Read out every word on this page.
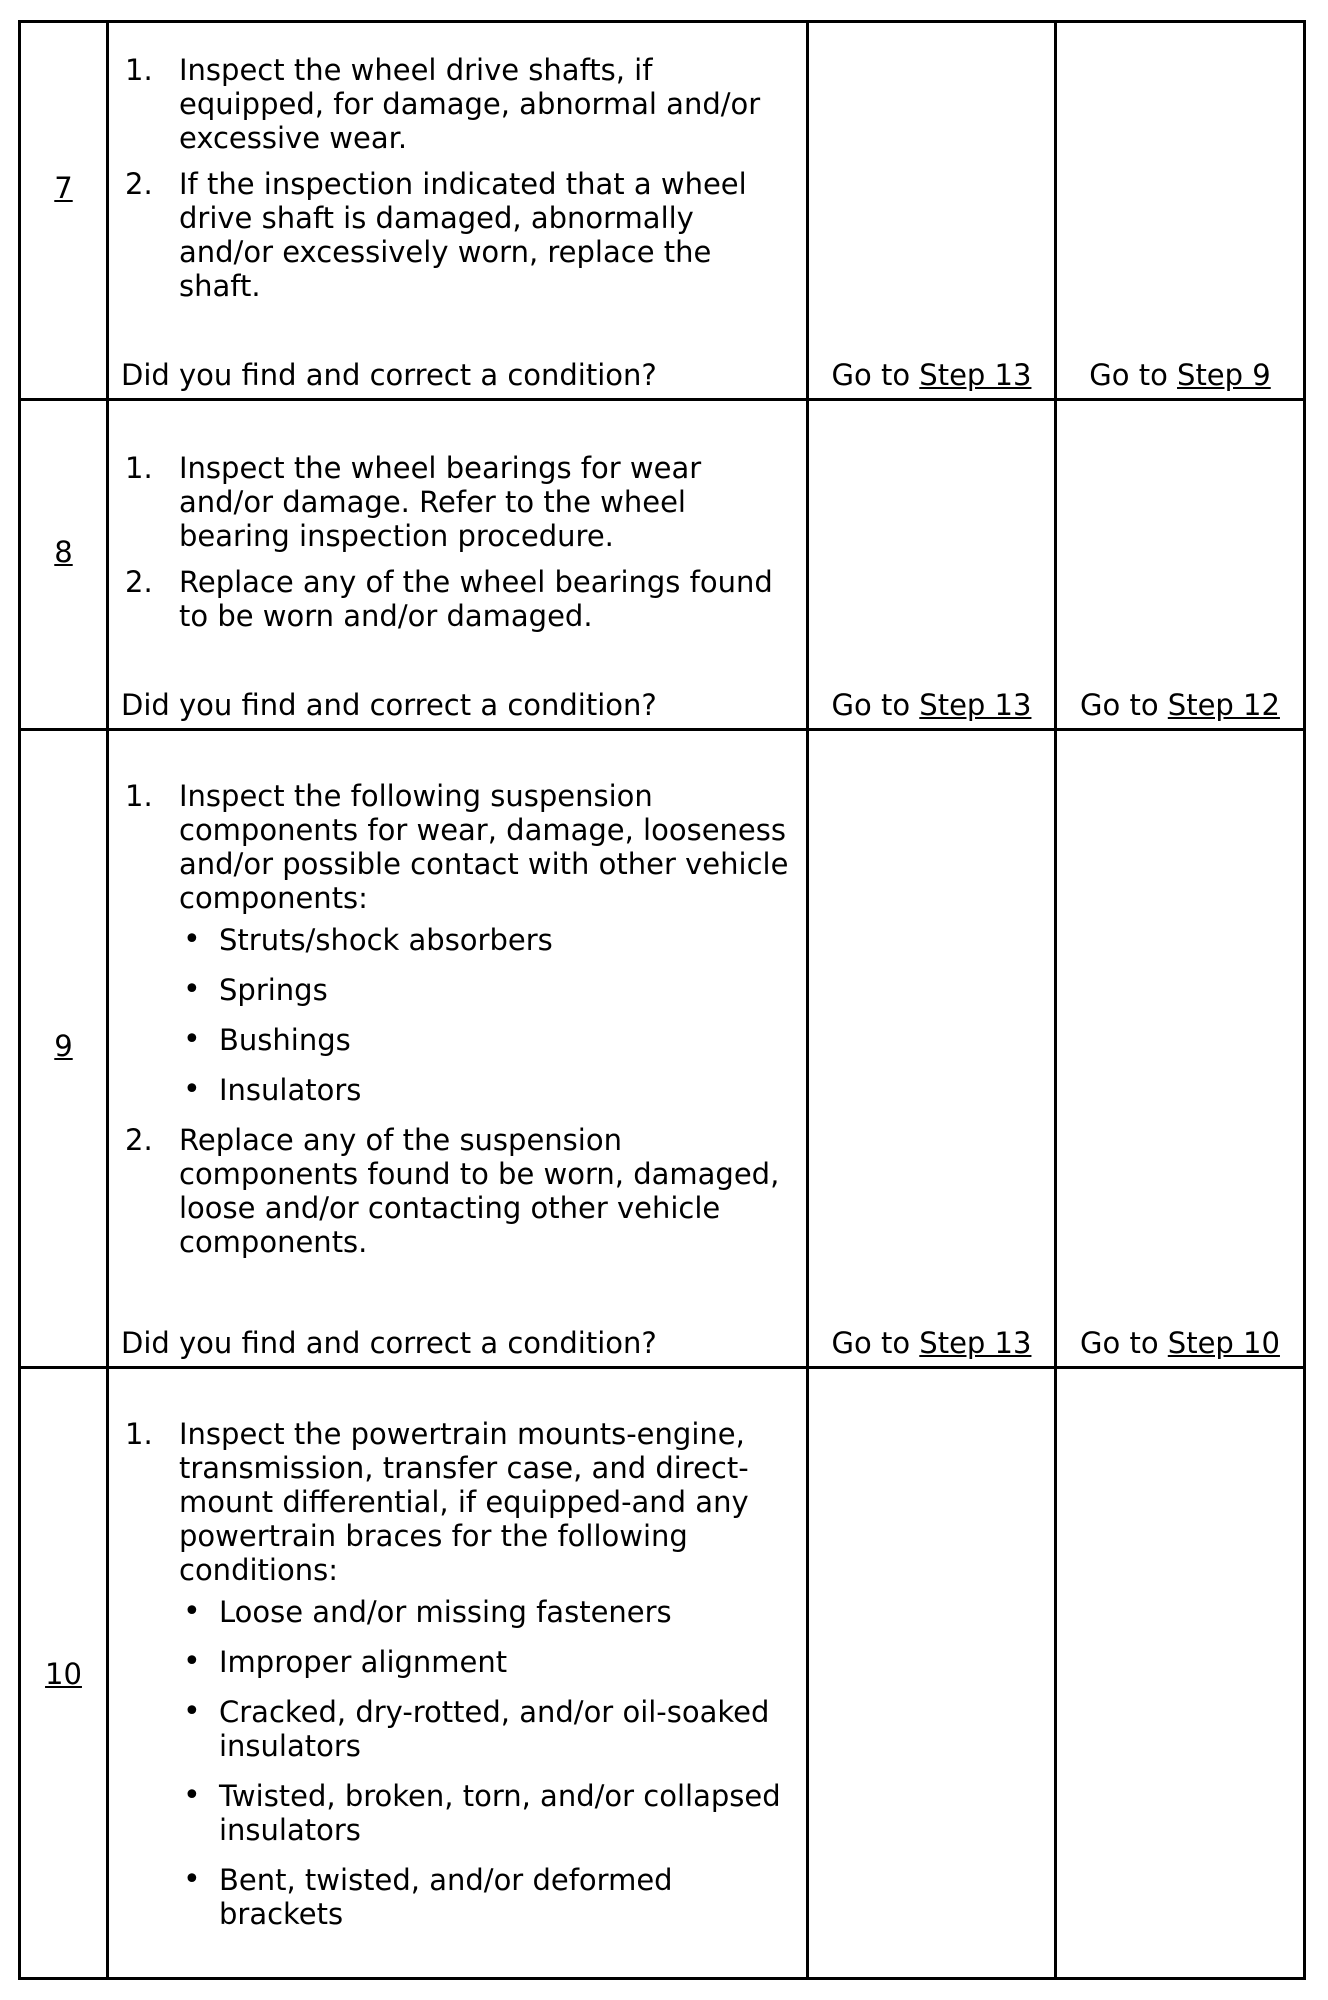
7
1. Inspect the wheel drive shafts, if equipped, for damage, abnormal and/or excessive wear.
2. If the inspection indicated that a wheel drive shaft is damaged, abnormally and/or excessively worn, replace the shaft.
Did you find and correct a condition?	Go to Step 13	Go to Step 9
8
1. Inspect the wheel bearings for wear and/or damage. Refer to the wheel bearing inspection procedure.
2. Replace any of the wheel bearings found to be worn and/or damaged.
Did you find and correct a condition?	Go to Step 13	Go to Step 12
9
1. Inspect the following suspension components for wear, damage, looseness and/or possible contact with other vehicle components:
• Struts/shock absorbers
• Springs
• Bushings
• Insulators
2. Replace any of the suspension components found to be worn, damaged, loose and/or contacting other vehicle components.
Did you find and correct a condition?	Go to Step 13	Go to Step 10
10
1. Inspect the powertrain mounts-engine, transmission, transfer case, and direct-mount differential, if equipped-and any powertrain braces for the following conditions:
• Loose and/or missing fasteners
• Improper alignment
• Cracked, dry-rotted, and/or oil-soaked insulators
• Twisted, broken, torn, and/or collapsed insulators
• Bent, twisted, and/or deformed brackets
